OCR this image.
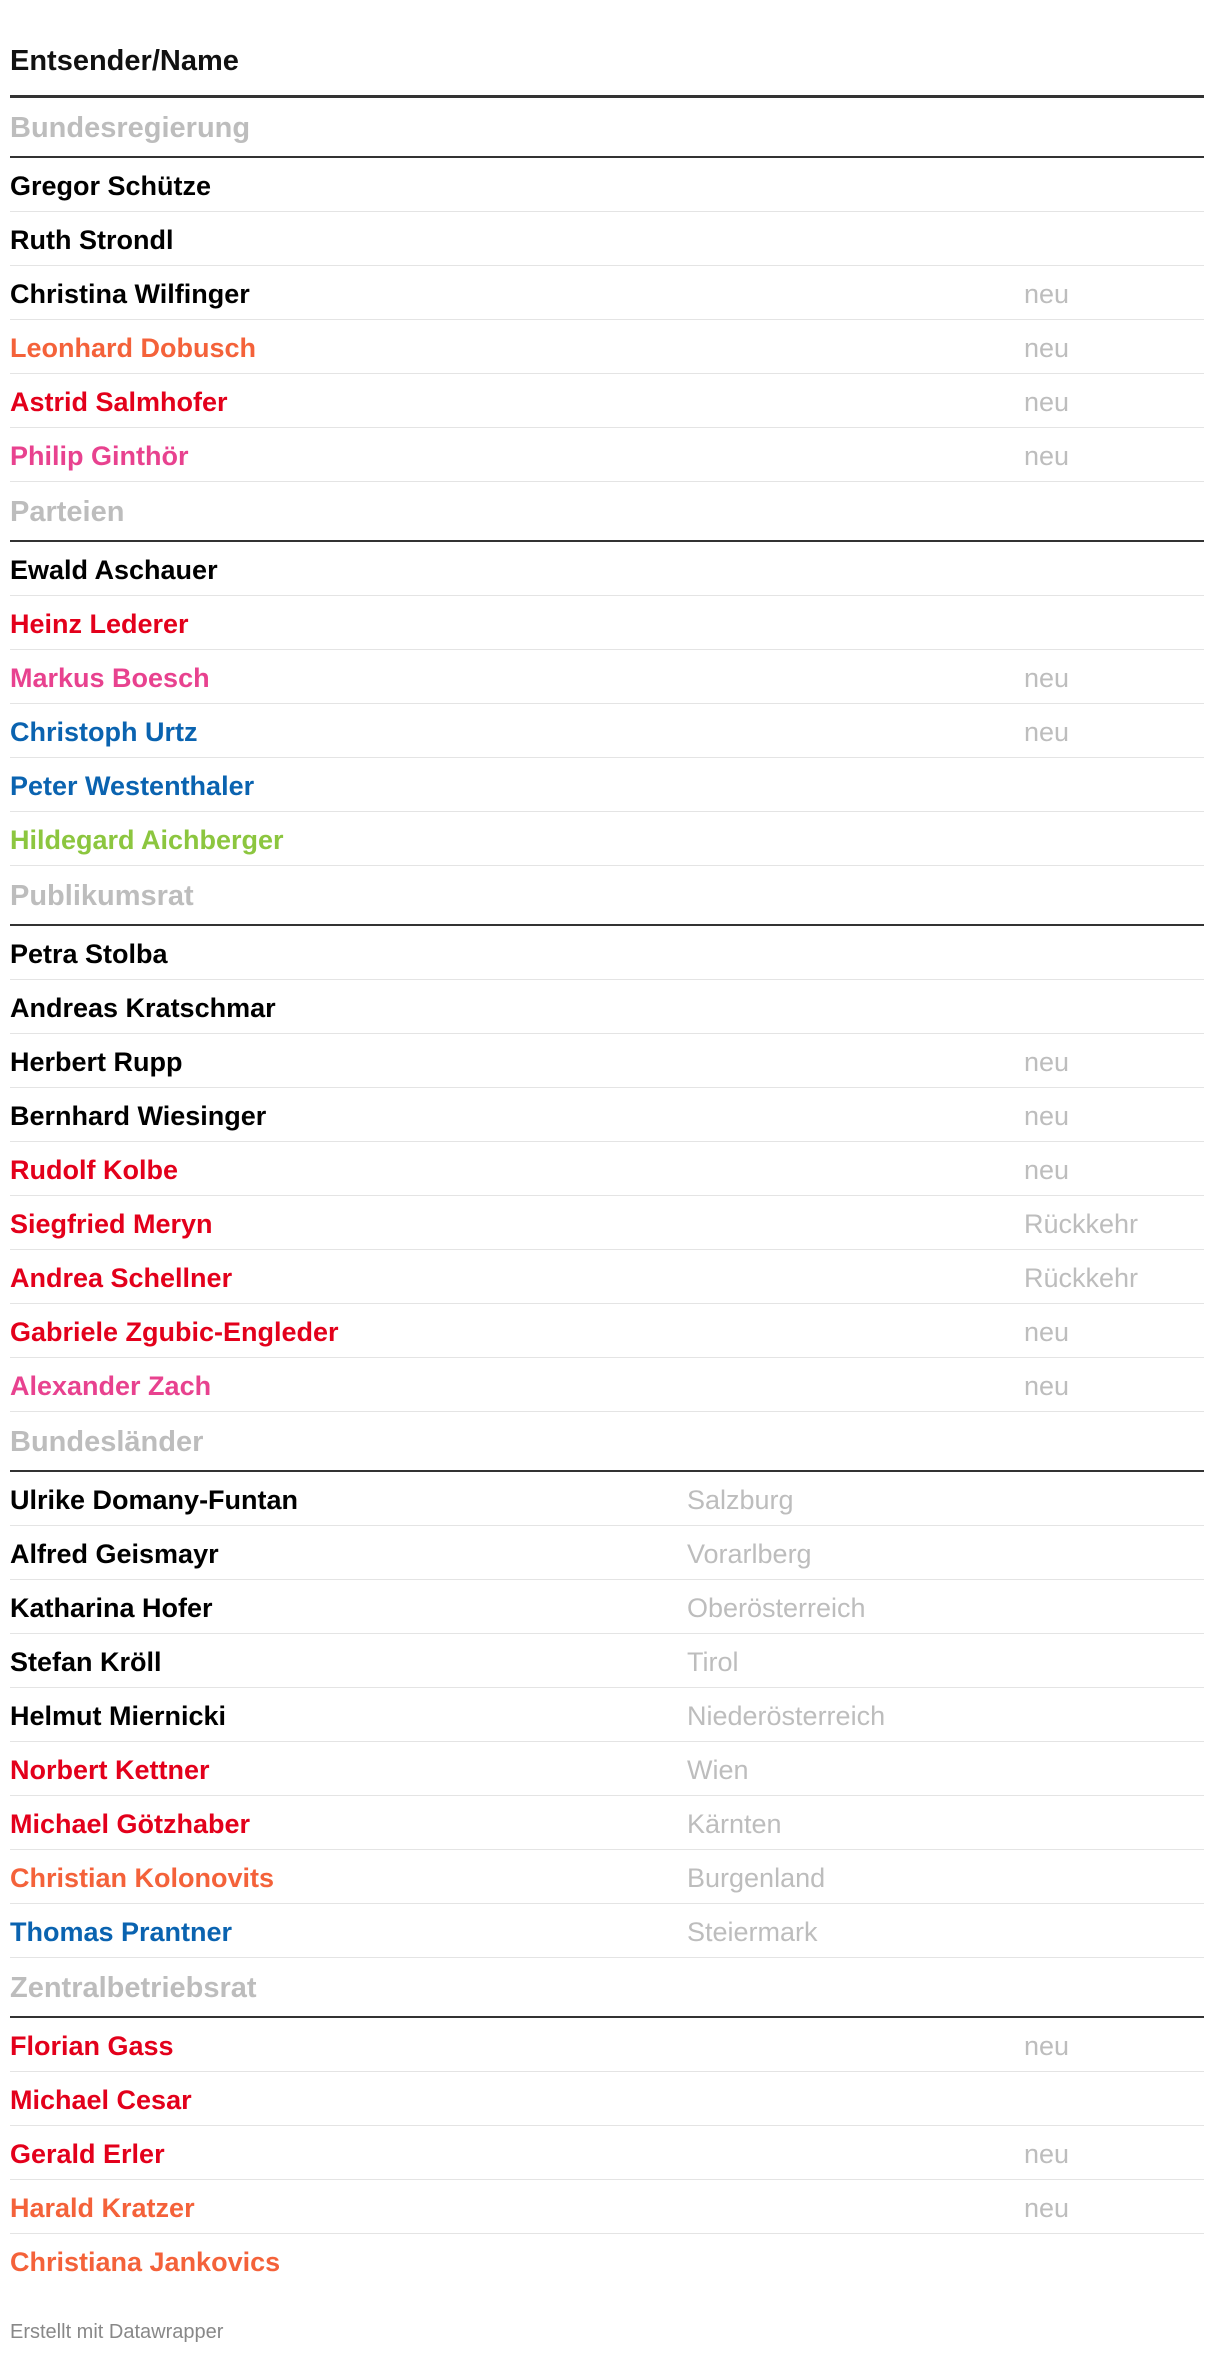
Entsender/Name
Bundesregierung
Gregor Schütze
Ruth Strondl
Christina Wilfinger	neu
Leonhard Dobusch	neu
Astrid Salmhofer	neu
Philip Ginthör	neu
Parteien
Ewald Aschauer
Heinz Lederer
Markus Boesch	neu
Christoph Urtz	neu
Peter Westenthaler
Hildegard Aichberger
Publikumsrat
Petra Stolba
Andreas Kratschmar
Herbert Rupp	neu
Bernhard Wiesinger	neu
Rudolf Kolbe	neu
Siegfried Meryn	Rückkehr
Andrea Schellner	Rückkehr
Gabriele Zgubic-Engleder	neu
Alexander Zach	neu
Bundesländer
Ulrike Domany-Funtan	Salzburg
Alfred Geismayr	Vorarlberg
Katharina Hofer	Oberösterreich
Stefan Kröll	Tirol
Helmut Miernicki	Niederösterreich
Norbert Kettner	Wien
Michael Götzhaber	Kärnten
Christian Kolonovits	Burgenland
Thomas Prantner	Steiermark
Zentralbetriebsrat
Florian Gass	neu
Michael Cesar
Gerald Erler	neu
Harald Kratzer	neu
Christiana Jankovics
Erstellt mit Datawrapper
